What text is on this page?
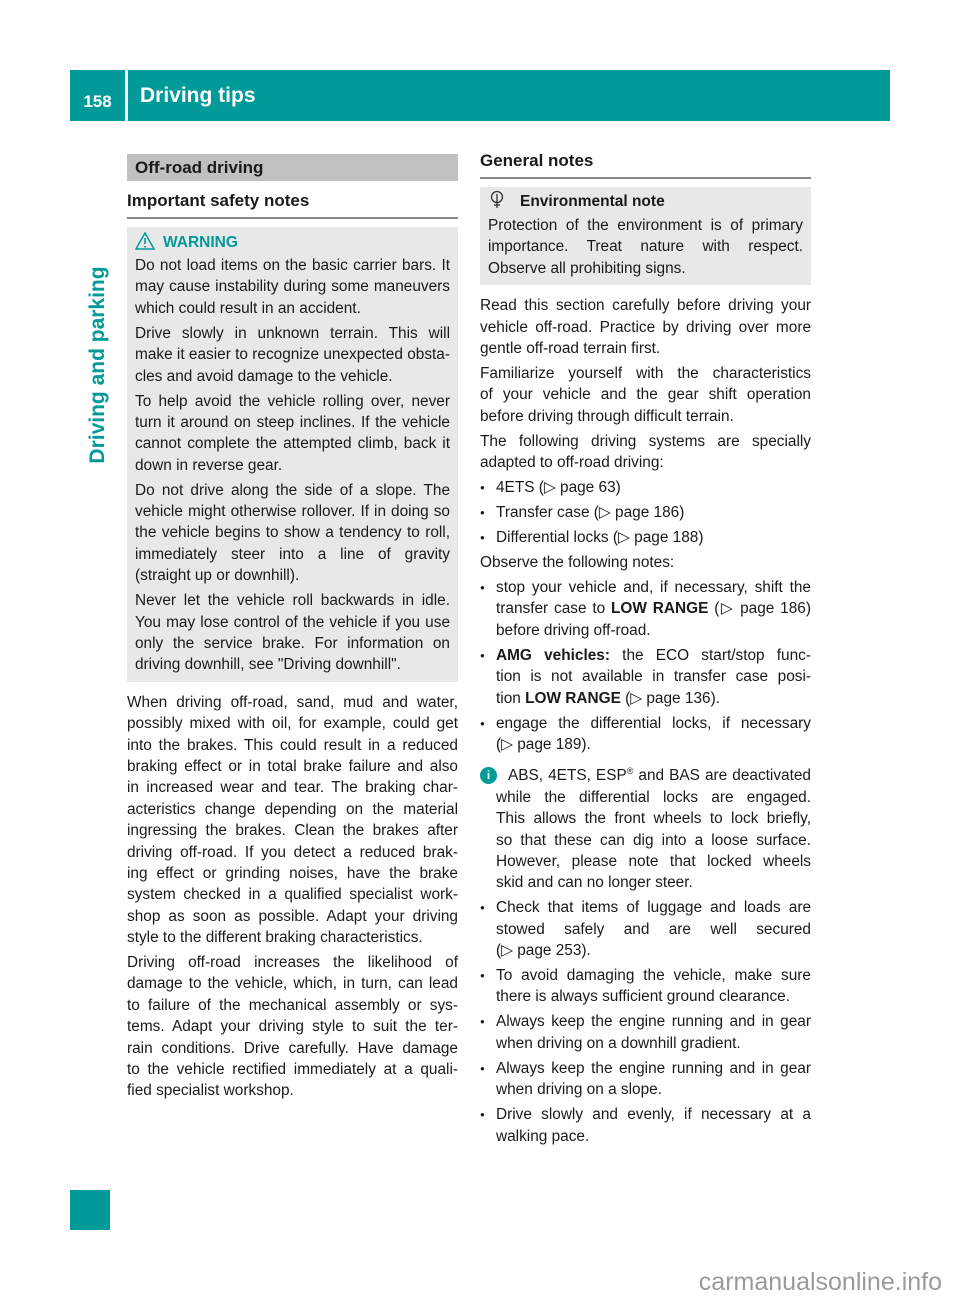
158	Driving tips
Driving and parking
Off-road driving
Important safety notes
WARNING
Do not load items on the basic carrier bars. It
may cause instability during some maneuvers
which could result in an accident.
Drive slowly in unknown terrain. This will
make it easier to recognize unexpected obsta-
cles and avoid damage to the vehicle.
To help avoid the vehicle rolling over, never
turn it around on steep inclines. If the vehicle
cannot complete the attempted climb, back it
down in reverse gear.
Do not drive along the side of a slope. The
vehicle might otherwise rollover. If in doing so
the vehicle begins to show a tendency to roll,
immediately steer into a line of gravity
(straight up or downhill).
Never let the vehicle roll backwards in idle.
You may lose control of the vehicle if you use
only the service brake. For information on
driving downhill, see "Driving downhill".
When driving off-road, sand, mud and water,
possibly mixed with oil, for example, could get
into the brakes. This could result in a reduced
braking effect or in total brake failure and also
in increased wear and tear. The braking char-
acteristics change depending on the material
ingressing the brakes. Clean the brakes after
driving off-road. If you detect a reduced brak-
ing effect or grinding noises, have the brake
system checked in a qualified specialist work-
shop as soon as possible. Adapt your driving
style to the different braking characteristics.
Driving off-road increases the likelihood of
damage to the vehicle, which, in turn, can lead
to failure of the mechanical assembly or sys-
tems. Adapt your driving style to suit the ter-
rain conditions. Drive carefully. Have damage
to the vehicle rectified immediately at a quali-
fied specialist workshop.
General notes
Environmental note
Protection of the environment is of primary
importance. Treat nature with respect.
Observe all prohibiting signs.
Read this section carefully before driving your
vehicle off-road. Practice by driving over more
gentle off-road terrain first.
Familiarize yourself with the characteristics
of your vehicle and the gear shift operation
before driving through difficult terrain.
The following driving systems are specially
adapted to off-road driving:
● 4ETS (▷ page 63)
● Transfer case (▷ page 186)
● Differential locks (▷ page 188)
Observe the following notes:
● stop your vehicle and, if necessary, shift the
transfer case to LOW RANGE (▷ page 186)
before driving off-road.
● AMG vehicles: the ECO start/stop func-
tion is not available in transfer case posi-
tion LOW RANGE (▷ page 136).
● engage the differential locks, if necessary
(▷ page 189).
i	ABS, 4ETS, ESP® and BAS are deactivated
while the differential locks are engaged.
This allows the front wheels to lock briefly,
so that these can dig into a loose surface.
However, please note that locked wheels
skid and can no longer steer.
● Check that items of luggage and loads are
stowed safely and are well secured
(▷ page 253).
● To avoid damaging the vehicle, make sure
there is always sufficient ground clearance.
● Always keep the engine running and in gear
when driving on a downhill gradient.
● Always keep the engine running and in gear
when driving on a slope.
● Drive slowly and evenly, if necessary at a
walking pace.
carmanualsonline.info
